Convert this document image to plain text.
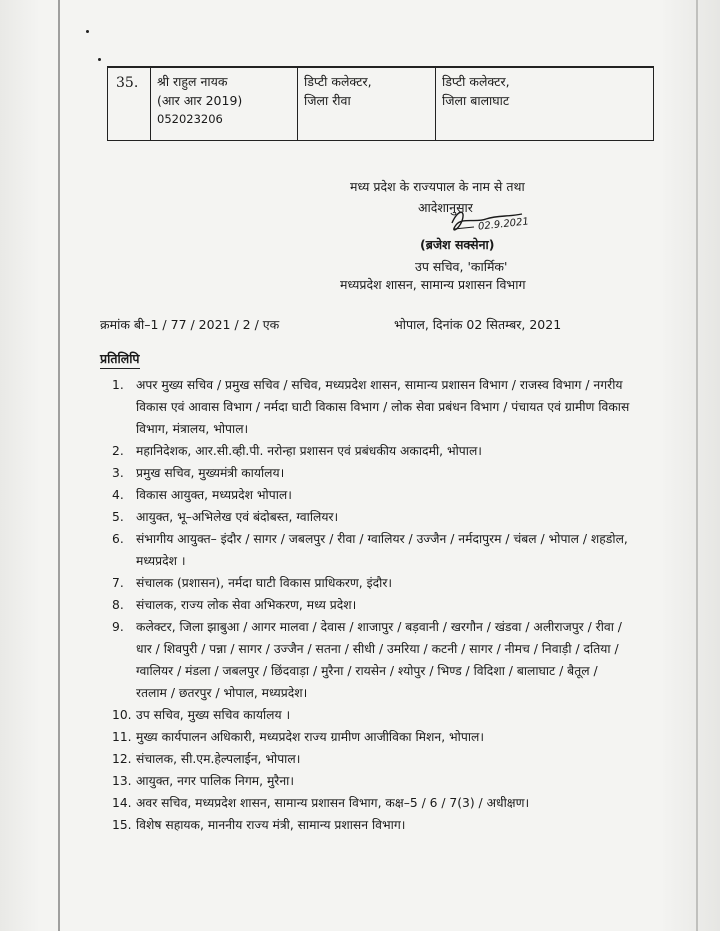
35.	श्री राहुल नायक
(आर आर 2019)
052023206
डिप्टी कलेक्टर,
जिला रीवा
डिप्टी कलेक्टर,
जिला बालाघाट
मध्य प्रदेश के राज्यपाल के नाम से तथा
आदेशानुसार
02.9.2021
(ब्रजेश सक्सेना)
उप सचिव, 'कार्मिक'
मध्यप्रदेश शासन, सामान्य प्रशासन विभाग
क्रमांक बी–1 / 77 / 2021 / 2 / एक	भोपाल, दिनांक 02 सितम्बर, 2021
प्रतिलिपि
1. अपर मुख्य सचिव / प्रमुख सचिव / सचिव, मध्यप्रदेश शासन, सामान्य प्रशासन विभाग / राजस्व विभाग / नगरीय विकास एवं आवास विभाग / नर्मदा घाटी विकास विभाग / लोक सेवा प्रबंधन विभाग / पंचायत एवं ग्रामीण विकास विभाग, मंत्रालय, भोपाल।
2. महानिदेशक, आर.सी.व्ही.पी. नरोन्हा प्रशासन एवं प्रबंधकीय अकादमी, भोपाल।
3. प्रमुख सचिव, मुख्यमंत्री कार्यालय।
4. विकास आयुक्त, मध्यप्रदेश भोपाल।
5. आयुक्त, भू–अभिलेख एवं बंदोबस्त, ग्वालियर।
6. संभागीय आयुक्त– इंदौर / सागर / जबलपुर / रीवा / ग्वालियर / उज्जैन / नर्मदापुरम / चंबल / भोपाल / शहडोल, मध्यप्रदेश ।
7. संचालक (प्रशासन), नर्मदा घाटी विकास प्राधिकरण, इंदौर।
8. संचालक, राज्य लोक सेवा अभिकरण, मध्य प्रदेश।
9. कलेक्टर, जिला झाबुआ / आगर मालवा / देवास / शाजापुर / बड़वानी / खरगौन / खंडवा / अलीराजपुर / रीवा / धार / शिवपुरी / पन्ना / सागर / उज्जैन / सतना / सीधी / उमरिया / कटनी / सागर / नीमच / निवाड़ी / दतिया / ग्वालियर / मंडला / जबलपुर / छिंदवाड़ा / मुरैना / रायसेन / श्योपुर / भिण्ड / विदिशा / बालाघाट / बैतूल / रतलाम / छतरपुर / भोपाल, मध्यप्रदेश।
10. उप सचिव, मुख्य सचिव कार्यालय ।
11. मुख्य कार्यपालन अधिकारी, मध्यप्रदेश राज्य ग्रामीण आजीविका मिशन, भोपाल।
12. संचालक, सी.एम.हेल्पलाईन, भोपाल।
13. आयुक्त, नगर पालिक निगम, मुरैना।
14. अवर सचिव, मध्यप्रदेश शासन, सामान्य प्रशासन विभाग, कक्ष–5 / 6 / 7(3) / अधीक्षण।
15. विशेष सहायक, माननीय राज्य मंत्री, सामान्य प्रशासन विभाग।
